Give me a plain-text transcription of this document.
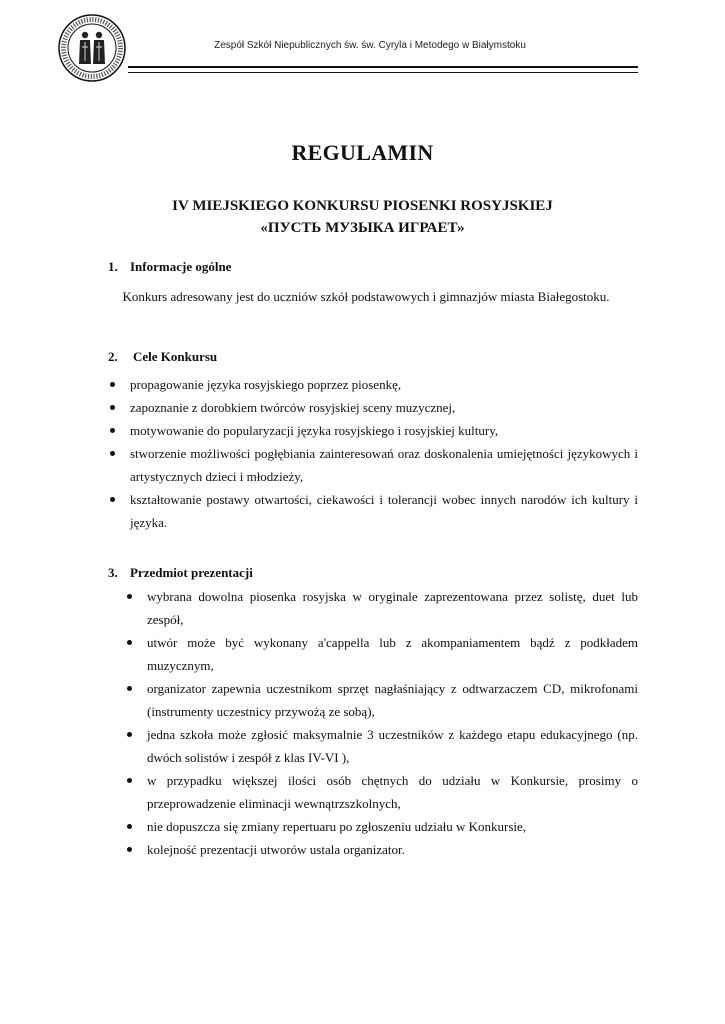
Zespół Szkół Niepublicznych św. św. Cyryla i Metodego w Białymstoku
REGULAMIN
IV MIEJSKIEGO KONKURSU PIOSENKI ROSYJSKIEJ
«ПУСТЬ МУЗЫКА ИГРАЕТ»
1. Informacje ogólne
Konkurs adresowany jest do uczniów szkół podstawowych i gimnazjów miasta Białegostoku.
2. Cele Konkursu
propagowanie języka rosyjskiego poprzez piosenkę,
zapoznanie z dorobkiem twórców rosyjskiej sceny muzycznej,
motywowanie do popularyzacji języka rosyjskiego i rosyjskiej kultury,
stworzenie możliwości pogłębiania zainteresowań oraz doskonalenia umiejętności językowych i artystycznych dzieci i młodzieży,
kształtowanie postawy otwartości, ciekawości i tolerancji wobec innych narodów ich kultury i języka.
3. Przedmiot prezentacji
wybrana dowolna piosenka rosyjska w oryginale zaprezentowana przez solistę, duet lub zespół,
utwór może być wykonany a'cappella lub z akompaniamentem bądź z podkładem muzycznym,
organizator zapewnia uczestnikom sprzęt nagłaśniający z odtwarzaczem CD, mikrofonami (instrumenty uczestnicy przywożą ze sobą),
jedna szkoła może zgłosić maksymalnie 3 uczestników z każdego etapu edukacyjnego (np. dwóch solistów i zespół z klas IV-VI ),
w przypadku większej ilości osób chętnych do udziału w Konkursie, prosimy o przeprowadzenie eliminacji wewnątrzszkolnych,
nie dopuszcza się zmiany repertuaru po zgłoszeniu udziału w Konkursie,
kolejność prezentacji utworów ustala organizator.
